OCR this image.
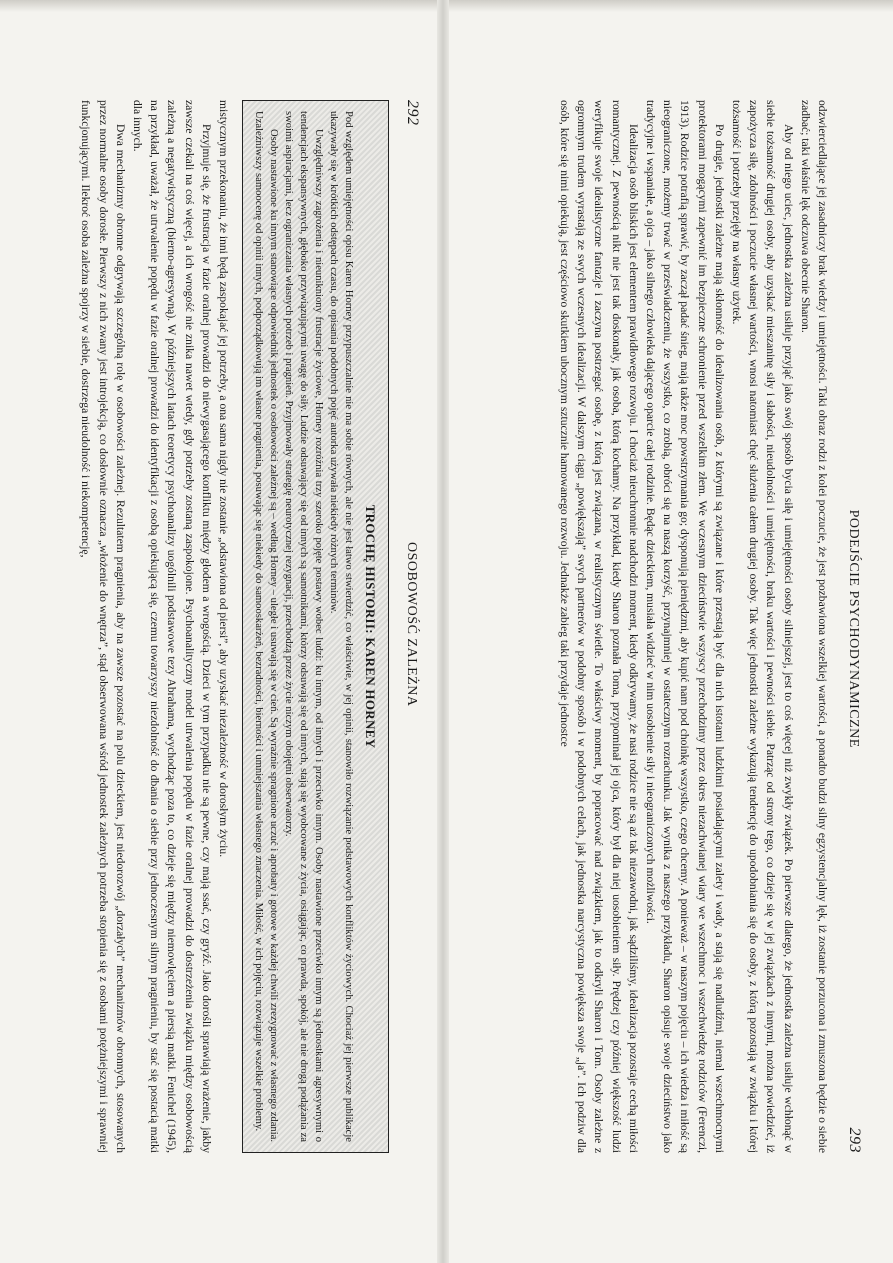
292
OSOBOWOŚĆ ZALEŻNA
TROCHĘ HISTORII: KAREN HORNEY

Pod względem umiejętności opisu Karen Horney przypuszczalnie nie ma sobie równych, ale nie jest łatwo stwierdzić, co właściwie, w jej opinii, stanowiło rozwiązanie podstawowych konfliktów życiowych. Chociaż jej pierwsze publikacje ukazywały się w krótkich odstępach czasu, do opisania podobnych pojęć autorka używała niekiedy różnych terminów.

Uwzględniwszy zagrożenia i nieunikniony frustracje życiowe, Horney rozróżnia trzy szeroko pojęte postawy wobec ludzi: ku innym, od innych i przeciwko innym. Osoby nastawione przeciwko innym są jednostkami agresywnymi o tendencjach ekspansywnych, głęboko przywiązującymi uwagę do siły. Ludzie odsuwający się od innych są samotnikami, którzy odsuwają się od innych, stają się wyobcowane z życia, osiągając, co prawda, spokój, ale nie drogą podążania za swoimi aspiracjami, lecz ograniczania własnych potrzeb i pragnień. Przyjmowały strategię neurotycznej rezygnacji, przechodzą przez życie niczym obojętni obserwatorzy.

Osoby nastawione ku innym stanowiące odpowiednik jednostek o osobowości zależnej są – według Horney – uległe i usuwają się w cień. Są wyraźnie spragnione uczuć i aprobaty i gotowe w każdej chwili zrezygnować z własnego zdania. Uzależniwszy samoocenę od opinii innych, podporządkowują im własne pragnienia, posuwając się niekiedy do samooskarżeń, bezradności, bierności i umniejszania własnego znaczenia. Miłość, w ich pojęciu, rozwiązuje wszelkie problemy.

mistycznym przekonaniu, że inni będą zaspokajać jej potrzeby, a ona sama nigdy nie zostanie „odstawiona od piersi”, aby uzyskać niezależność w dorosłym życiu.

Przyjmuje się, że frustracja w fazie oralnej prowadzi do niewygasającego konfliktu między głodem a wrogością. Dzieci w tym przypadku nie są pewne, czy mają ssać, czy gryźć. Jako dorośli sprawiają wrażenie, jakby zawsze czekali na coś więcej, a ich wrogość nie znika nawet wtedy, gdy potrzeby zostaną zaspokojone. Psychoanalityczny model utrwalenia popędu w fazie oralnej prowadzi do dostrzeżenia związku między osobowością zależną a negatywistyczną (bierno-agresywną). W późniejszych latach teoretycy psychoanalizy uogólnili podstawowe tezy Abrahama, wychodząc poza to, co dzieje się między niemowlęciem a piersią matki. Fenichel (1945), na przykład, uważał, że utrwalenie popędu w fazie oralnej prowadzi do identyfikacji z osobą opiekującą się, czemu towarzyszy niezdolność do dbania o siebie przy jednoczesnym silnym pragnieniu, by stać się postacią matki dla innych.

Dwa mechanizmy obronne odgrywają szczególną rolę w osobowości zależnej. Rezultatem pragnienia, aby na zawsze pozostać na polu dzieckiem, jest niedorozwój „dorzałych” mechanizmów obronnych, stosowanych przez normalne osoby dorosłe. Pierwszy z nich zwany jest introjekcją, co dosłownie oznacza „włożenie do wnętrza”, stąd obserwowana wśród jednostek zależnych potrzeba stopienia się z osobami potężniejszymi i sprawniej funkcjonującymi. Ilekroć osoba zależna spojrzy w siebie, dostrzega nieudolność i niekompetencję,

PODEJŚCIE PSYCHODYNAMICZNE
293

odzwierciedlające jej zasadniczy brak wiedzy i umiejętności. Taki obraz rodzi z kolei poczucie, że jest pozbawiona wszelkiej wartości, a ponadto budzi silny egzystencjalny lęk, iż zostanie porzucona i zmuszona będzie o siebie zadbać; taki właśnie lęk odczuwa obecnie Sharon.

Aby od niego uciec, jednostka zależna usiłuje przyjąć jako swój sposób bycia siłę i umiejętności osoby silniejszej, jest to coś więcej niż zwykły związek. Po pierwsze dlatego, że jednostka zależna usiłuje wchłonąć w siebie tożsamość drugiej osoby, aby uzyskać mieszaninę siły i słabości, nieudolności i umiejętności, braku wartości i pewności siebie. Patrząc od strony tego, co dzieje się w jej związkach z innymi, można powiedzieć, iż zapożycza siłę, zdolności i poczucie własnej wartości, wnosi natomiast chęć służenia całem drugiej osoby. Tak więc jednostki zależne wykazują tendencję do upodobniania się do osoby, z którą pozostają w związku i której tożsamość i potrzeby przejęły na własny użytek.

Po drugie, jednostki zależne mają skłonność do idealizowania osób, z którymi są związane i które przestają być dla nich istotami ludzkimi posiadającymi zalety i wady, a stają się nadludźmi, niemal wszechmocnymi protektorami mogącymi zapewnić im bezpieczne schronienie przed wszelkim złem. We wczesnym dzieciństwie wszyscy przechodzimy przez okres niezachwianej wiary we wszechmoc i wszechwiedzę rodziców (Ferenczi, 1913). Rodzice potrafią sprawić, by zaczął padać śnieg, mają także moc powstrzymania go; dysponują pieniędzmi, aby kupić nam pod choinkę wszystko, czego chcemy. A ponieważ – w naszym pojęciu – ich wiedza i miłość są nieograniczone, możemy trwać w przeświadczeniu, że wszystko, co zrobią, obróci się na naszą korzyść, przynajmniej w ostatecznym rozrachunku. Jak wynika z naszego przykładu, Sharon opisuje swoje dzieciństwo jako tradycyjne i wspaniałe, a ojca – jako silnego człowieka dającego oparcie całej rodzinie. Będąc dzieckiem, musiała widzieć w nim uosobienie siły i nieograniczonych możliwości.

Idealizacja osób bliskich jest elementem prawidłowego rozwoju. I chociaż nieuchronnie nadchodzi moment, kiedy odkrywamy, że nasi rodzice nie są aż tak niezawodni, jak sądziliśmy, idealizacja pozostaje cechą miłości romantycznej. Z pewnością nikt nie jest tak doskonały, jak osoba, którą kochamy. Na przykład, kiedy Sharon poznała Toma, przypominał jej ojca, który był dla niej uosobieniem siły. Prędzej czy później większość ludzi weryfikuje swoje idealistyczne fantazje i zaczyna postrzegać osobę, z którą jest związana, w realistycznym świetle. To właściwy moment, by popracować nad związkiem, jak to odkryli Sharon i Tom. Osoby zależne z ogromnym trudem wyrastają ze swych wczesnych idealizacji. W dalszym ciągu „powiększają” swych partnerów w podobny sposób i w podobnych celach, jak jednostka narcystyczna powiększa swoje „ja”. Ich podziw dla osób, które się nimi opiekują, jest częściowo skutkiem ubocznym sztucznie hamowanego rozwoju. Jednakże zabieg taki przydaje jednostce
